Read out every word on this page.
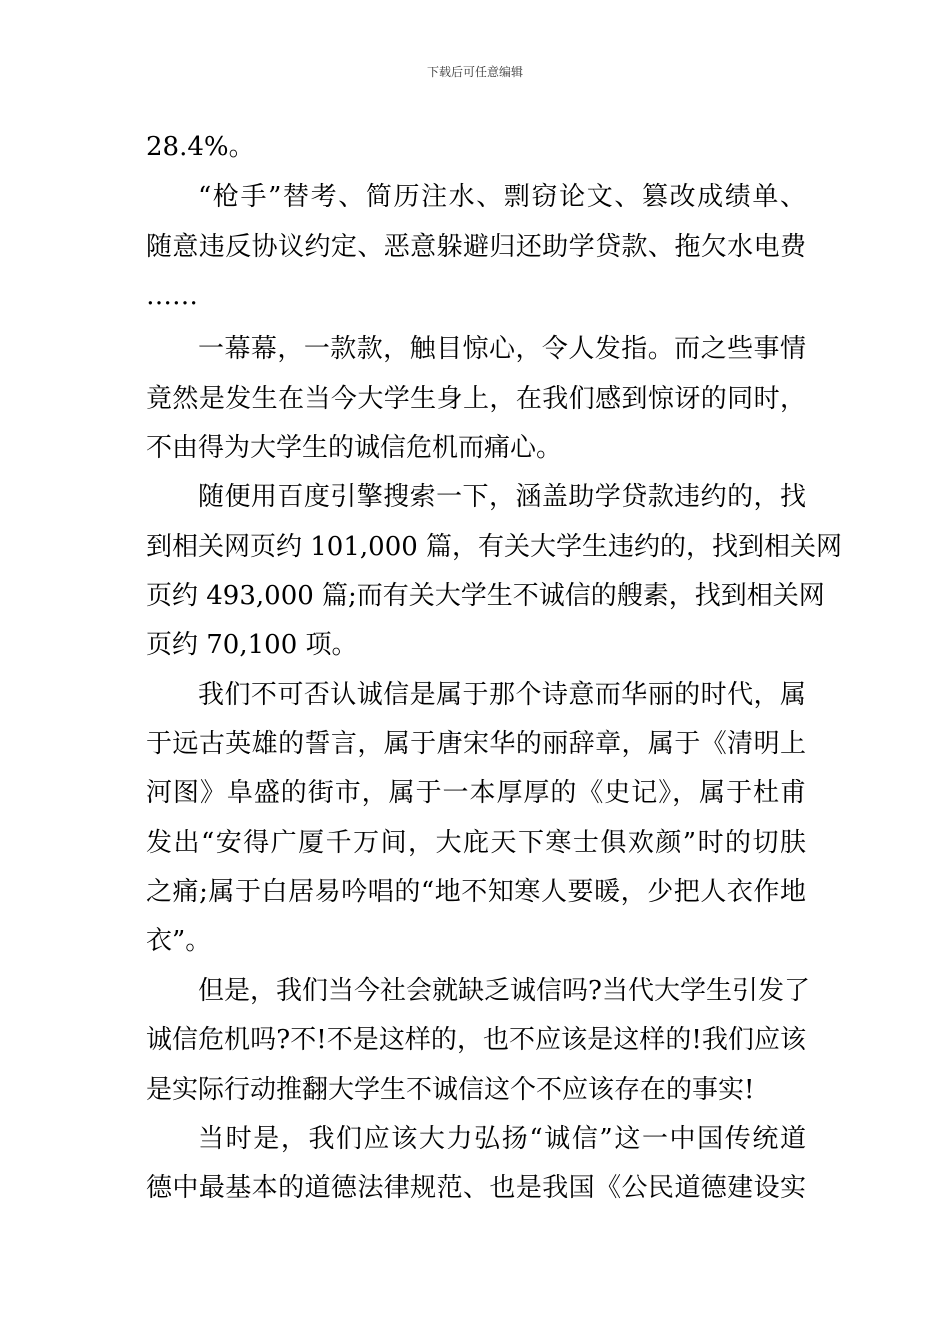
下载后可任意编辑
28.4%。
“枪手”替考、简历注水、剽窃论文、篡改成绩单、
随意违反协议约定、恶意躲避归还助学贷款、拖欠水电费
……
一幕幕，一款款，触目惊心，令人发指。而之些事情
竟然是发生在当今大学生身上，在我们感到惊讶的同时，
不由得为大学生的诚信危机而痛心。
随便用百度引擎搜索一下，涵盖助学贷款违约的，找
到相关网页约 101,000 篇，有关大学生违约的，找到相关网
页约 493,000 篇;而有关大学生不诚信的艘素，找到相关网
页约 70,100 项。
我们不可否认诚信是属于那个诗意而华丽的时代，属
于远古英雄的誓言，属于唐宋华的丽辞章，属于《清明上
河图》阜盛的街市，属于一本厚厚的《史记》，属于杜甫
发出“安得广厦千万间，大庇天下寒士俱欢颜”时的切肤
之痛;属于白居易吟唱的“地不知寒人要暖，少把人衣作地
衣”。
但是，我们当今社会就缺乏诚信吗?当代大学生引发了
诚信危机吗?不!不是这样的，也不应该是这样的!我们应该
是实际行动推翻大学生不诚信这个不应该存在的事实!
当时是，我们应该大力弘扬“诚信”这一中国传统道
德中最基本的道德法律规范、也是我国《公民道德建设实
